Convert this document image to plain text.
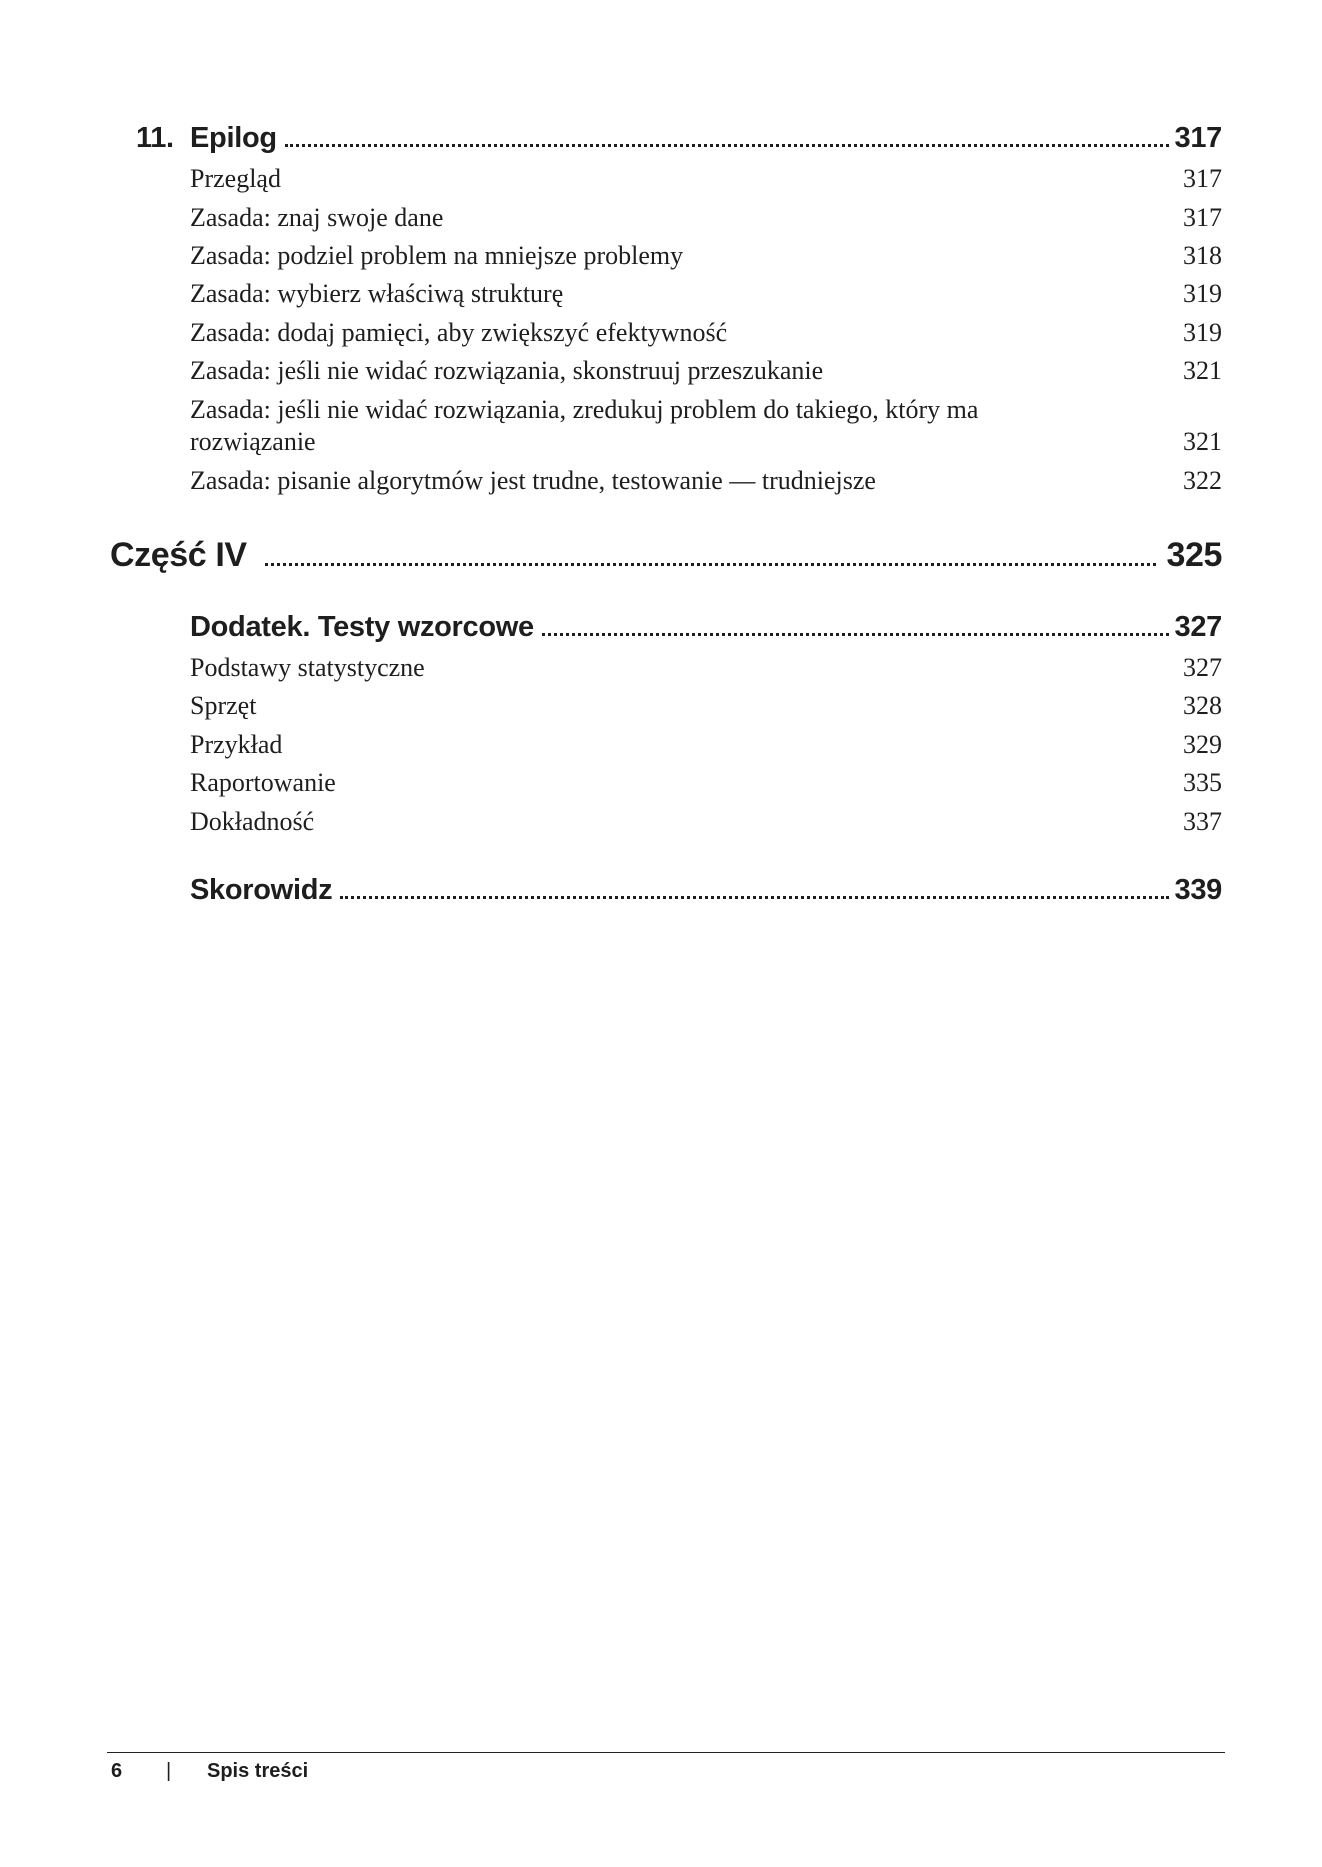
11. Epilog	317
Przegląd	317
Zasada: znaj swoje dane	317
Zasada: podziel problem na mniejsze problemy	318
Zasada: wybierz właściwą strukturę	319
Zasada: dodaj pamięci, aby zwiększyć efektywność	319
Zasada: jeśli nie widać rozwiązania, skonstruuj przeszukanie	321
Zasada: jeśli nie widać rozwiązania, zredukuj problem do takiego, który ma rozwiązanie	321
Zasada: pisanie algorytmów jest trudne, testowanie — trudniejsze	322
Część IV	325
Dodatek. Testy wzorcowe	327
Podstawy statystyczne	327
Sprzęt	328
Przykład	329
Raportowanie	335
Dokładność	337
Skorowidz	339
6 | Spis treści
